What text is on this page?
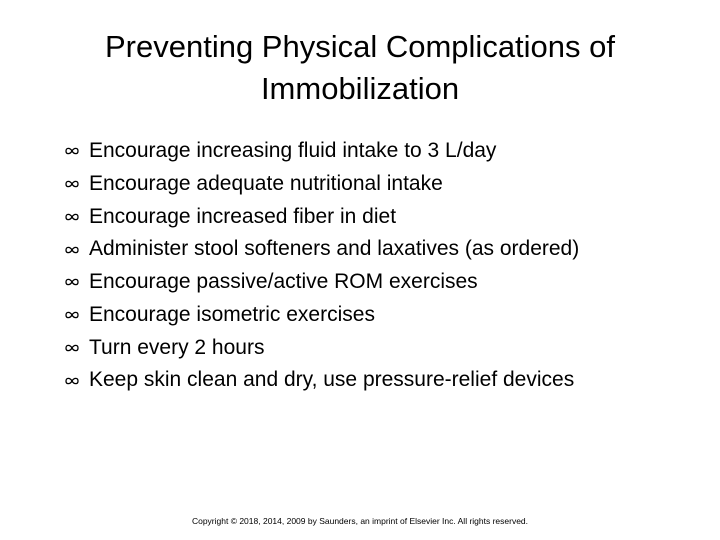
Preventing Physical Complications of Immobilization
Encourage increasing fluid intake to 3 L/day
Encourage adequate nutritional intake
Encourage increased fiber in diet
Administer stool softeners and laxatives (as ordered)
Encourage passive/active ROM exercises
Encourage isometric exercises
Turn every 2 hours
Keep skin clean and dry, use pressure-relief devices
Copyright © 2018, 2014, 2009 by Saunders, an imprint of Elsevier Inc. All rights reserved.
